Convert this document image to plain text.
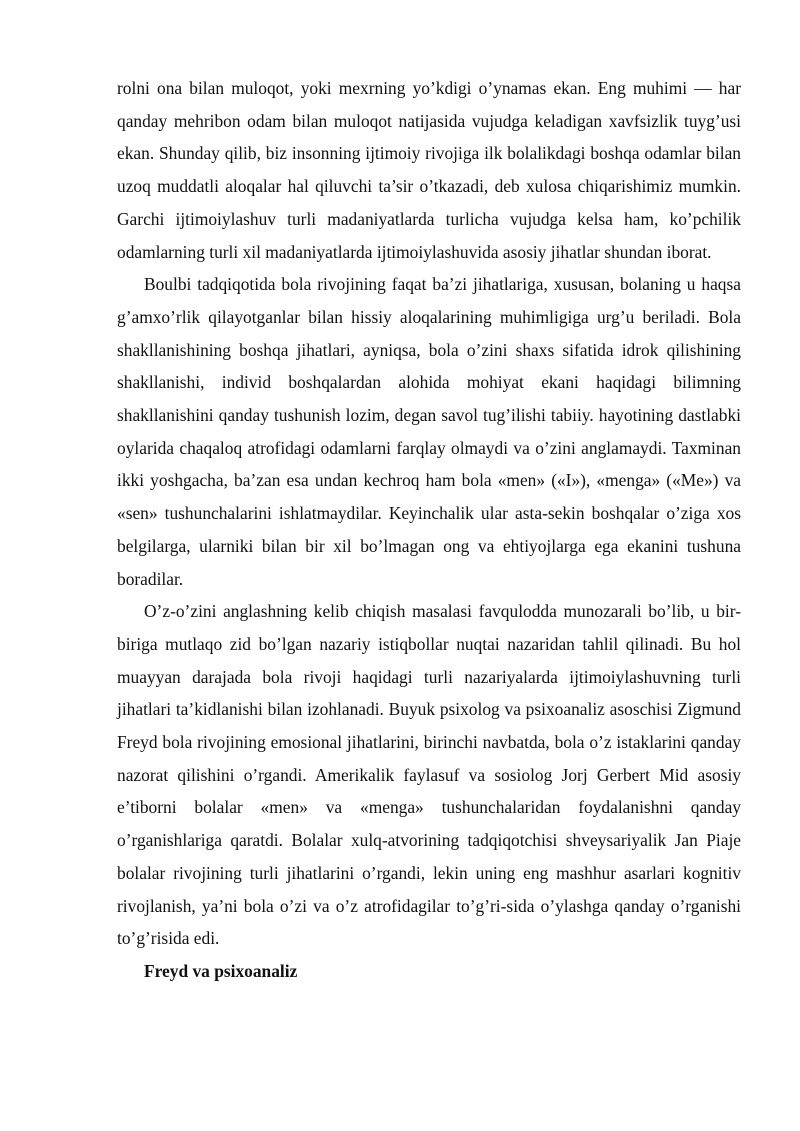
rolni ona bilan muloqot, yoki mexrning yo’kdigi o’ynamas ekan. Eng muhimi — har qanday mehribon odam bilan muloqot natijasida vujudga keladigan xavfsizlik tuyg’usi ekan. Shunday qilib, biz insonning ijtimoiy rivojiga ilk bolalikdagi boshqa odamlar bilan uzoq muddatli aloqalar hal qiluvchi ta’sir o’tkazadi, deb xulosa chiqarishimiz mumkin. Garchi ijtimoiylashuv turli madaniyatlarda turlicha vujudga kelsa ham, ko’pchilik odamlarning turli xil madaniyatlarda ijtimoiylashuvida asosiy jihatlar shundan iborat.

Boulbi tadqiqotida bola rivojining faqat ba’zi jihatlariga, xususan, bolaning u haqsa g’amxo’rlik qilayotganlar bilan hissiy aloqalarining muhimligiga urg’u beriladi. Bola shakllanishining boshqa jihatlari, ayniqsa, bola o’zini shaxs sifatida idrok qilishining shakllanishi, individ boshqalardan alohida mohiyat ekani haqidagi bilimning shakllanishini qanday tushunish lozim, degan savol tug’ilishi tabiiy. hayotining dastlabki oylarida chaqaloq atrofidagi odamlarni farqlay olmaydi va o’zini anglamaydi. Taxminan ikki yoshgacha, ba’zan esa undan kechroq ham bola «men» («I»), «menga» («Me») va «sen» tushunchalarini ishlatmaydilar. Keyinchalik ular asta-sekin boshqalar o’ziga xos belgilarga, ularniki bilan bir xil bo’lmagan ong va ehtiyojlarga ega ekanini tushuna boradilar.

O’z-o’zini anglashning kelib chiqish masalasi favqulodda munozarali bo’lib, u bir-biriga mutlaqo zid bo’lgan nazariy istiqbollar nuqtai nazaridan tahlil qilinadi. Bu hol muayyan darajada bola rivoji haqidagi turli nazariyalarda ijtimoiylashuvning turli jihatlari ta’kidlanishi bilan izohlanadi. Buyuk psixolog va psixoanaliz asoschisi Zigmund Freyd bola rivojining emosional jihatlarini, birinchi navbatda, bola o’z istaklarini qanday nazorat qilishini o’rgandi. Amerikalik faylasuf va sosiolog Jorj Gerbert Mid asosiy e’tiborni bolalar «men» va «menga» tushunchalaridan foydalanishni qanday o’rganishlariga qaratdi. Bolalar xulq-atvorining tadqiqotchisi shveysariyalik Jan Piaje bolalar rivojining turli jihatlarini o’rgandi, lekin uning eng mashhur asarlari kognitiv rivojlanish, ya’ni bola o’zi va o’z atrofidagilar to’g’ri-sida o’ylashga qanday o’rganishi to’g’risida edi.

Freyd va psixoanaliz
